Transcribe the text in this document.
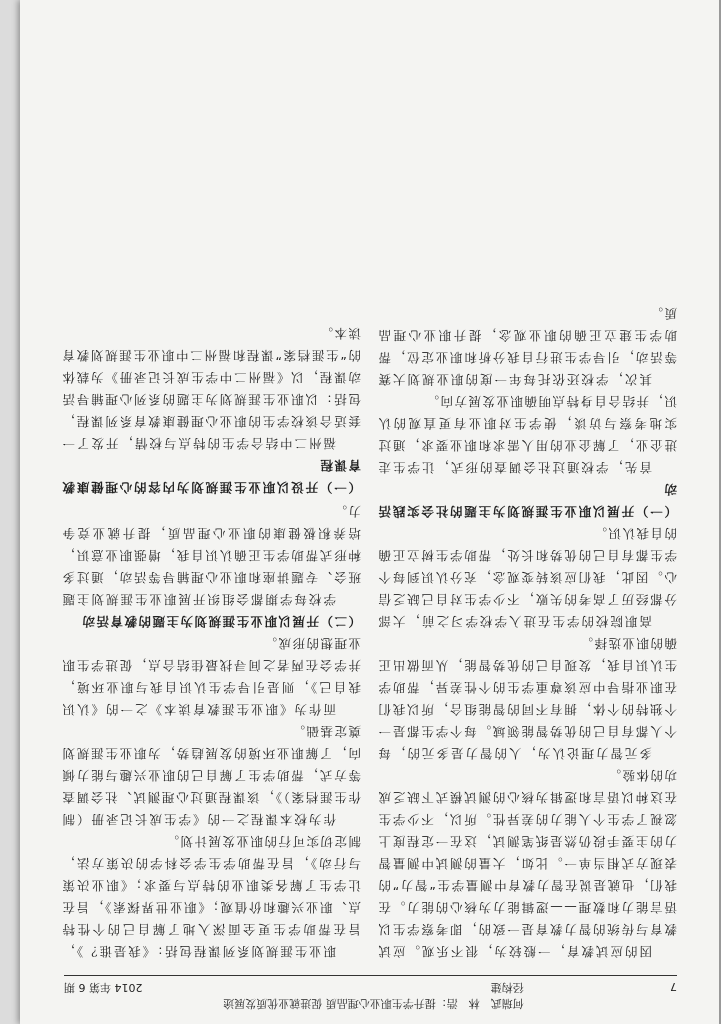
7
何瑞武　林　浩：提升学生职业心理品质 促进就业优质发展途径构建
2014 年第 6 期

因的应试教育，一般较为，很不乐观。应试教育与传统的智力教育是一致的，即考察学生以语言能力和数理——逻辑能力为核心的能力。在我们，也就是说在智力教育中测量学生“智力”的表现方式相当单一。比如，大量的测试中测量智力的主要手段仍然是纸笔测试，这在一定程度上忽视了学生个人能力的差异性。所以，不少学生在这种以语言和逻辑为核心的测试模式下缺乏成功的体验。

多元智力理论认为，人的智力是多元的，每个人都有自己的优势智能领域。每个学生都是一个独特的个体，拥有不同的智能组合，所以我们在职业指导中应该尊重学生的个性差异，帮助学生认识自我，发现自己的优势智能，从而做出正确的职业选择。

高职院校的学生在进入学校学习之前，大部分都经历了高考的失败，不少学生对自己缺乏信心。因此，我们应该转变观念，充分认识到每个学生都有自己的优势和长处，帮助学生树立正确的自我认识。

（一）开展以职业生涯规划为主题的社会实践活动

首先，学校通过社会调查的形式，让学生走进企业，了解企业的用人需求和职业要求，通过实地考察与访谈，使学生对职业有更直观的认识，并结合自身特点明确职业发展方向。

其次，学校还依托每年一度的职业规划大赛等活动，引导学生进行自我分析和职业定位，帮助学生建立正确的职业观念，提升职业心理品质。

职业生涯规划系列课程包括：《我是谁？》，旨在帮助学生更全面深入地了解自己的个性特点、职业兴趣和价值观；《职业世界探索》，旨在让学生了解各类职业的特点与要求；《职业决策与行动》，旨在帮助学生学会科学的决策方法，制定切实可行的职业发展计划。

作为校本课程之一的《学生成长记录册（制作生涯档案）》，该课程通过心理测试、社会调查等方式，帮助学生了解自己的职业兴趣与能力倾向，了解职业环境的发展趋势，为职业生涯规划奠定基础。

而作为《职业生涯教育读本》之一的《认识我自己》，则是引导学生认识自我与职业环境，并学会在两者之间寻找最佳结合点，促进学生职业理想的形成。

（二）开展以职业生涯规划为主题的教育活动

学校每学期都会组织开展职业生涯规划主题班会、专题讲座和职业心理辅导等活动，通过多种形式帮助学生正确认识自我，增强职业意识，培养积极健康的职业心理品质，提升就业竞争力。

（一）开设以职业生涯规划为内容的心理健康教育课程

福州二中结合学生的特点与校情，开发了一套适合该校学生的职业心理健康教育系列课程，包括：以职业生涯规划为主题的系列心理辅导活动课程，以《福州二中学生成长记录册》为载体的“生涯档案”课程和福州二中职业生涯规划教育读本。
